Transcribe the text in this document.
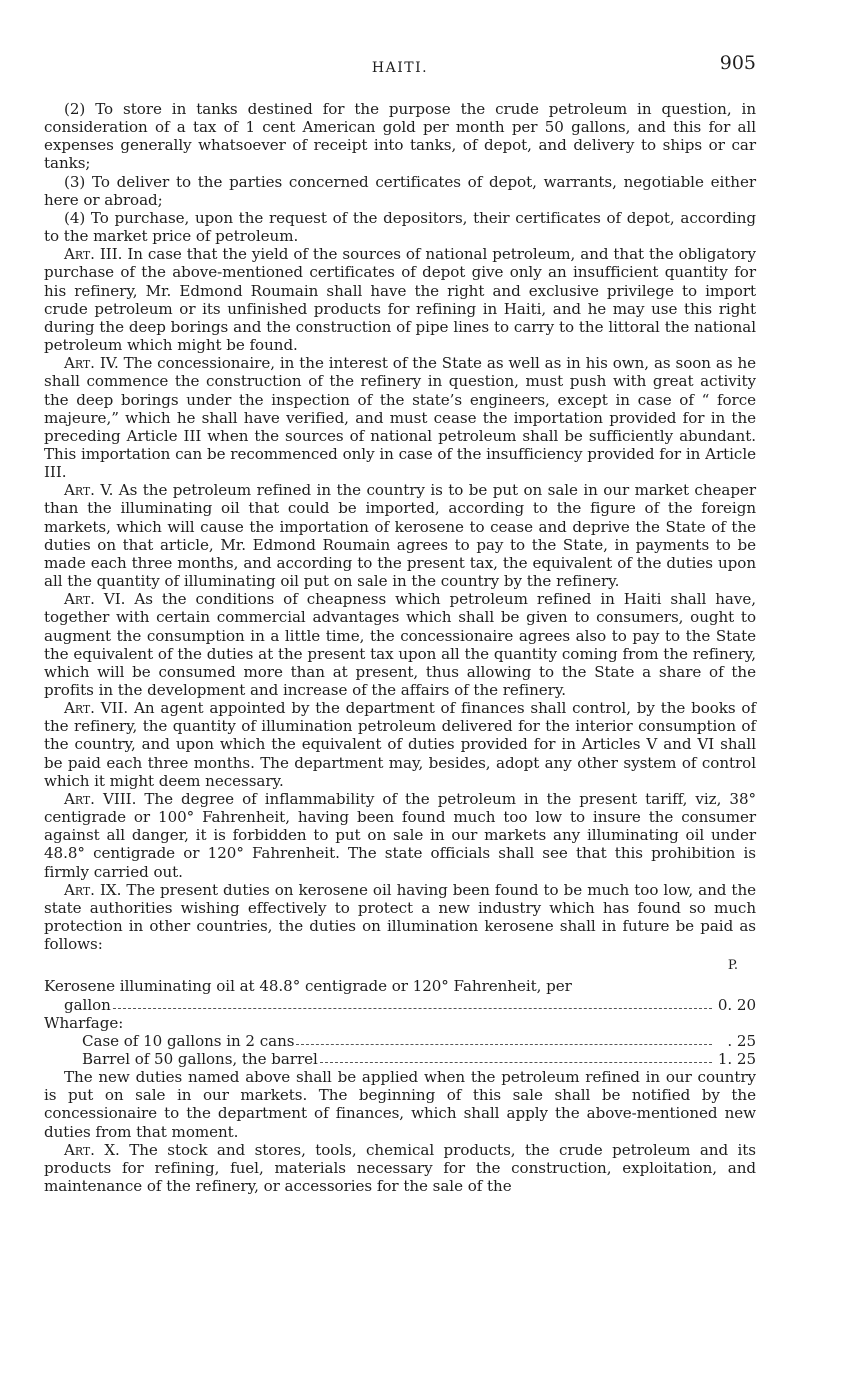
HAITI.	905

(2) To store in tanks destined for the purpose the crude petroleum in question, in consideration of a tax of 1 cent American gold per month per 50 gallons, and this for all expenses generally whatsoever of receipt into tanks, of depot, and delivery to ships or car tanks;

(3) To deliver to the parties concerned certificates of depot, warrants, negotiable either here or abroad;

(4) To purchase, upon the request of the depositors, their certificates of depot, according to the market price of petroleum.

Art. III. In case that the yield of the sources of national petroleum, and that the obligatory purchase of the above-mentioned certificates of depot give only an insufficient quantity for his refinery, Mr. Edmond Roumain shall have the right and exclusive privilege to import crude petroleum or its unfinished products for refining in Haiti, and he may use this right during the deep borings and the construction of pipe lines to carry to the littoral the national petroleum which might be found.

Art. IV. The concessionaire, in the interest of the State as well as in his own, as soon as he shall commence the construction of the refinery in question, must push with great activity the deep borings under the inspection of the state’s engineers, except in case of “ force majeure,” which he shall have verified, and must cease the importation provided for in the preceding Article III when the sources of national petroleum shall be sufficiently abundant. This importation can be recommenced only in case of the insufficiency provided for in Article III.

Art. V. As the petroleum refined in the country is to be put on sale in our market cheaper than the illuminating oil that could be imported, according to the figure of the foreign markets, which will cause the importation of kerosene to cease and deprive the State of the duties on that article, Mr. Edmond Roumain agrees to pay to the State, in payments to be made each three months, and according to the present tax, the equivalent of the duties upon all the quantity of illuminating oil put on sale in the country by the refinery.

Art. VI. As the conditions of cheapness which petroleum refined in Haiti shall have, together with certain commercial advantages which shall be given to consumers, ought to augment the consumption in a little time, the concessionaire agrees also to pay to the State the equivalent of the duties at the present tax upon all the quantity coming from the refinery, which will be consumed more than at present, thus allowing to the State a share of the profits in the development and increase of the affairs of the refinery.

Art. VII. An agent appointed by the department of finances shall control, by the books of the refinery, the quantity of illumination petroleum delivered for the interior consumption of the country, and upon which the equivalent of duties provided for in Articles V and VI shall be paid each three months. The department may, besides, adopt any other system of control which it might deem necessary.

Art. VIII. The degree of inflammability of the petroleum in the present tariff, viz, 38° centigrade or 100° Fahrenheit, having been found much too low to insure the consumer against all danger, it is forbidden to put on sale in our markets any illuminating oil under 48.8° centigrade or 120° Fahrenheit. The state officials shall see that this prohibition is firmly carried out.

Art. IX. The present duties on kerosene oil having been found to be much too low, and the state authorities wishing effectively to protect a new industry which has found so much protection in other countries, the duties on illumination kerosene shall in future be paid as follows:

P.
Kerosene illuminating oil at 48.8° centigrade or 120° Fahrenheit, per
gallon	0. 20
Wharfage:
Case of 10 gallons in 2 cans	. 25
Barrel of 50 gallons, the barrel	1. 25

The new duties named above shall be applied when the petroleum refined in our country is put on sale in our markets. The beginning of this sale shall be notified by the concessionaire to the department of finances, which shall apply the above-mentioned new duties from that moment.

Art. X. The stock and stores, tools, chemical products, the crude petroleum and its products for refining, fuel, materials necessary for the construction, exploitation, and maintenance of the refinery, or accessories for the sale of the
